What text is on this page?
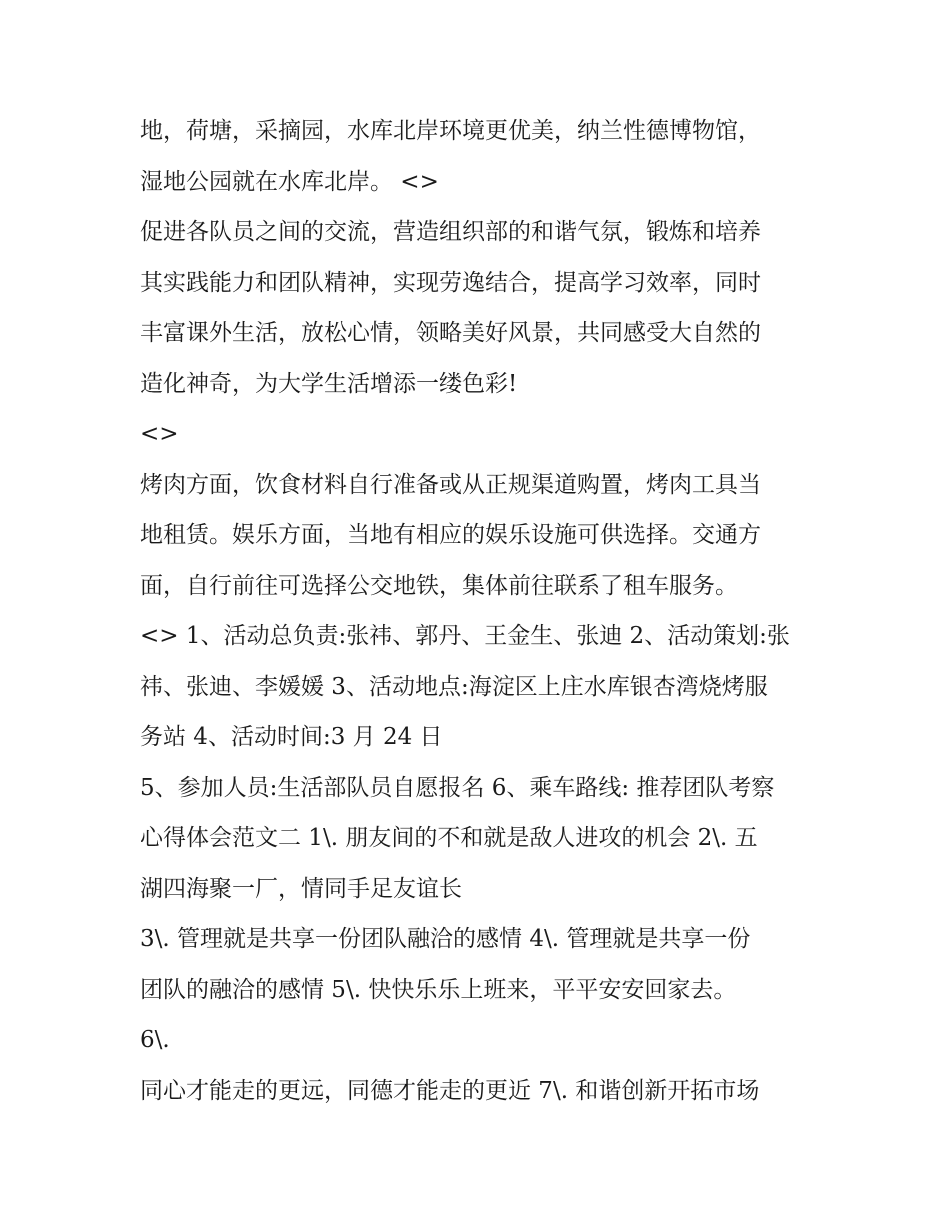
地，荷塘，采摘园，水库北岸环境更优美，纳兰性德博物馆，
湿地公园就在水库北岸。 <>
促进各队员之间的交流，营造组织部的和谐气氛，锻炼和培养
其实践能力和团队精神，实现劳逸结合，提高学习效率，同时
丰富课外生活，放松心情，领略美好风景，共同感受大自然的
造化神奇，为大学生活增添一缕色彩!
<>
烤肉方面，饮食材料自行准备或从正规渠道购置，烤肉工具当
地租赁。娱乐方面，当地有相应的娱乐设施可供选择。交通方
面，自行前往可选择公交地铁，集体前往联系了租车服务。
<> 1、活动总负责:张祎、郭丹、王金生、张迪 2、活动策划:张
祎、张迪、李媛媛 3、活动地点:海淀区上庄水库银杏湾烧烤服
务站 4、活动时间:3 月 24 日
5、参加人员:生活部队员自愿报名 6、乘车路线: 推荐团队考察
心得体会范文二 1\. 朋友间的不和就是敌人进攻的机会 2\. 五
湖四海聚一厂，情同手足友谊长
3\. 管理就是共享一份团队融洽的感情 4\. 管理就是共享一份
团队的融洽的感情 5\. 快快乐乐上班来，平平安安回家去。
6\.
同心才能走的更远，同德才能走的更近 7\. 和谐创新开拓市场
